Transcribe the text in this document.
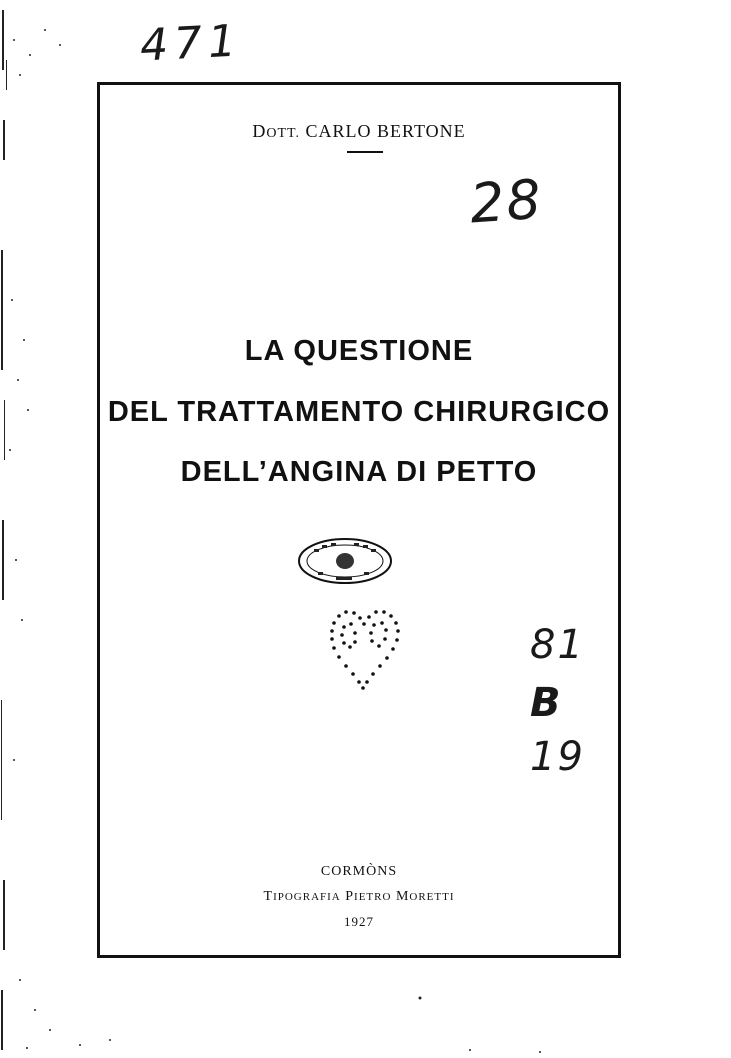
471
DOTT. CARLO BERTONE
LA QUESTIONE
DEL TRATTAMENTO CHIRURGICO
DELL’ANGINA DI PETTO
CORMÒNS
TIPOGRAFIA PIETRO MORETTI
1927
28
81
B
19
